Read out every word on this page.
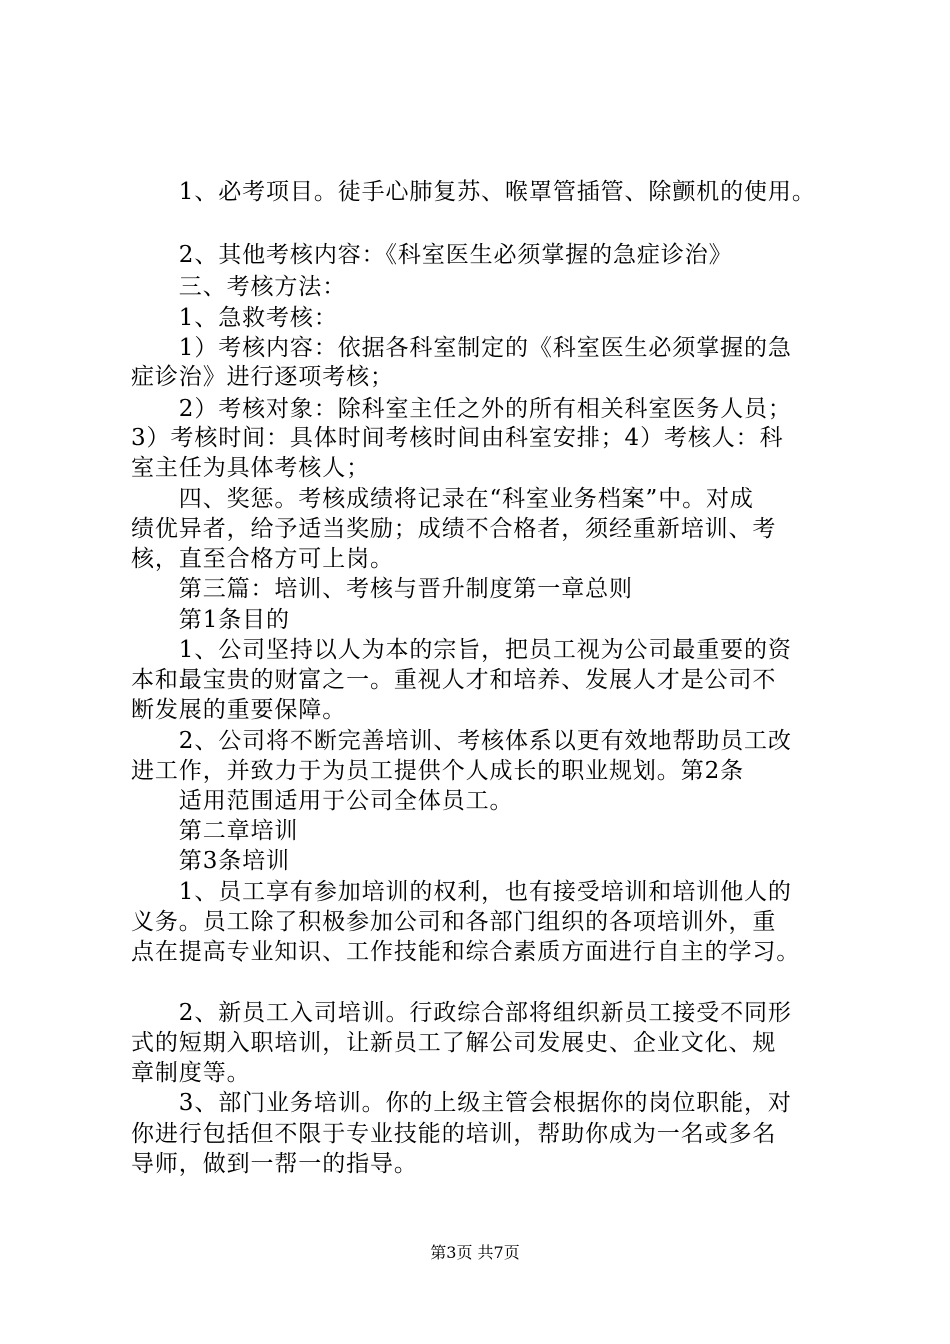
　　1、必考项目。徒手心肺复苏、喉罩管插管、除颤机的使用。
　　2、其他考核内容：《科室医生必须掌握的急症诊治》
　　三、考核方法：
　　1、急救考核：
　　1）考核内容：依据各科室制定的《科室医生必须掌握的急
症诊治》进行逐项考核；
　　2）考核对象：除科室主任之外的所有相关科室医务人员；
3）考核时间：具体时间考核时间由科室安排；4）考核人：科
室主任为具体考核人；
　　四、奖惩。考核成绩将记录在“科室业务档案”中。对成
绩优异者，给予适当奖励；成绩不合格者，须经重新培训、考
核，直至合格方可上岗。
　　第三篇：培训、考核与晋升制度第一章总则
　　第1条目的
　　1、公司坚持以人为本的宗旨，把员工视为公司最重要的资
本和最宝贵的财富之一。重视人才和培养、发展人才是公司不
断发展的重要保障。
　　2、公司将不断完善培训、考核体系以更有效地帮助员工改
进工作，并致力于为员工提供个人成长的职业规划。第2条
　　适用范围适用于公司全体员工。
　　第二章培训
　　第3条培训
　　1、员工享有参加培训的权利，也有接受培训和培训他人的
义务。员工除了积极参加公司和各部门组织的各项培训外，重
点在提高专业知识、工作技能和综合素质方面进行自主的学习。
　　2、新员工入司培训。行政综合部将组织新员工接受不同形
式的短期入职培训，让新员工了解公司发展史、企业文化、规
章制度等。
　　3、部门业务培训。你的上级主管会根据你的岗位职能，对
你进行包括但不限于专业技能的培训，帮助你成为一名或多名
导师，做到一帮一的指导。
第3页 共7页
